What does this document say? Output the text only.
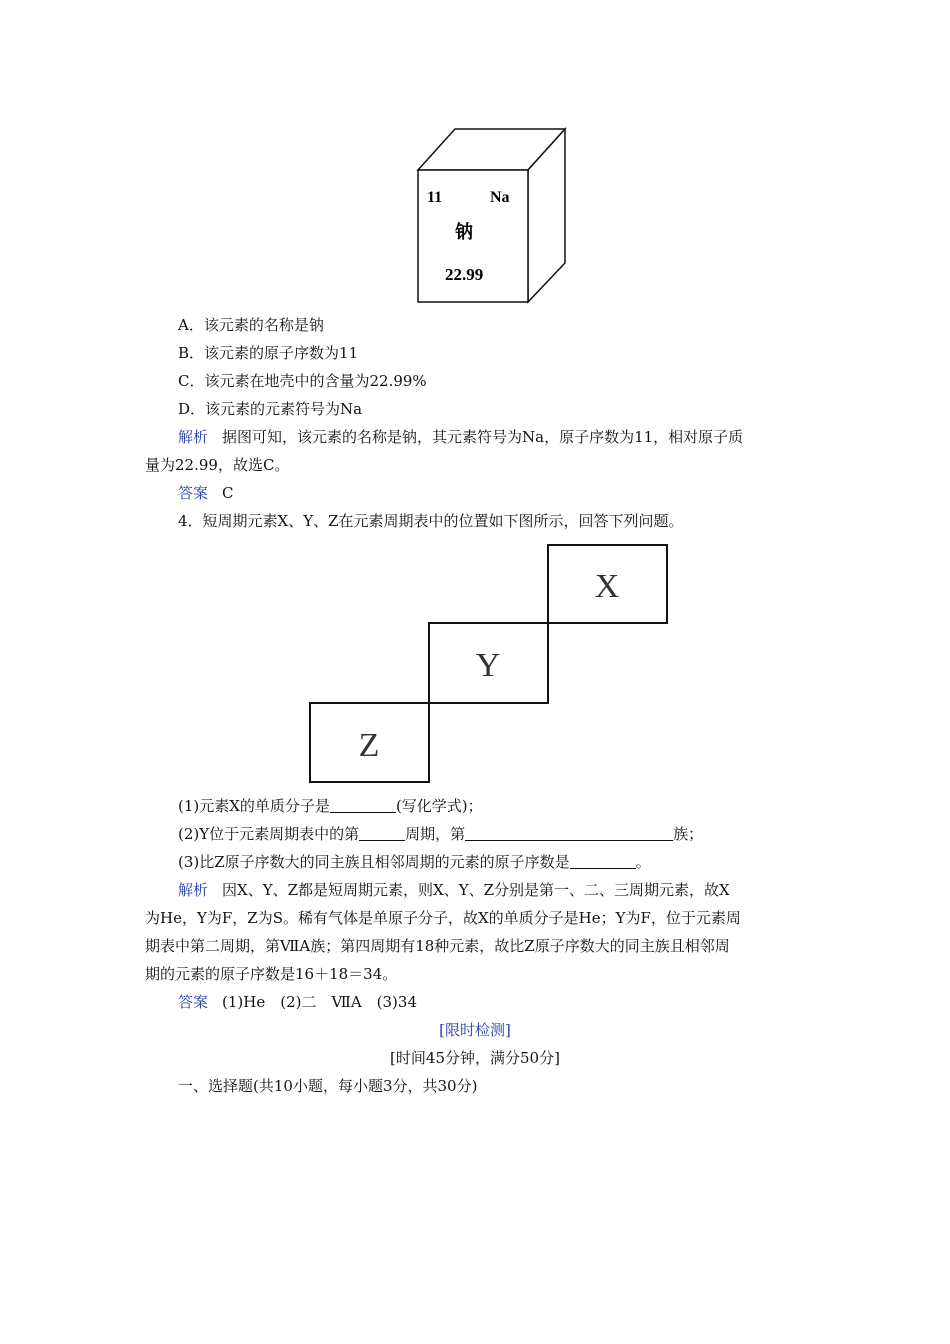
11	Na
钠
22.99
A．该元素的名称是钠
B．该元素的原子序数为11
C．该元素在地壳中的含量为22.99%
D．该元素的元素符号为Na
解析 据图可知，该元素的名称是钠，其元素符号为Na，原子序数为11，相对原子质
量为22.99，故选C。
答案 C
4．短周期元素X、Y、Z在元素周期表中的位置如下图所示，回答下列问题。
X
Y
Z
(1)元素X的单质分子是	(写化学式)；
(2)Y位于元素周期表中的第	周期，第	族；
(3)比Z原子序数大的同主族且相邻周期的元素的原子序数是	。
解析 因X、Y、Z都是短周期元素，则X、Y、Z分别是第一、二、三周期元素，故X
为He，Y为F，Z为S。稀有气体是单原子分子，故X的单质分子是He；Y为F，位于元素周
期表中第二周期，第ⅦA族；第四周期有18种元素，故比Z原子序数大的同主族且相邻周
期的元素的原子序数是16＋18＝34。
答案 (1)He　(2)二　ⅦA　(3)34
[限时检测]
[时间45分钟，满分50分]
一、选择题(共10小题，每小题3分，共30分)
